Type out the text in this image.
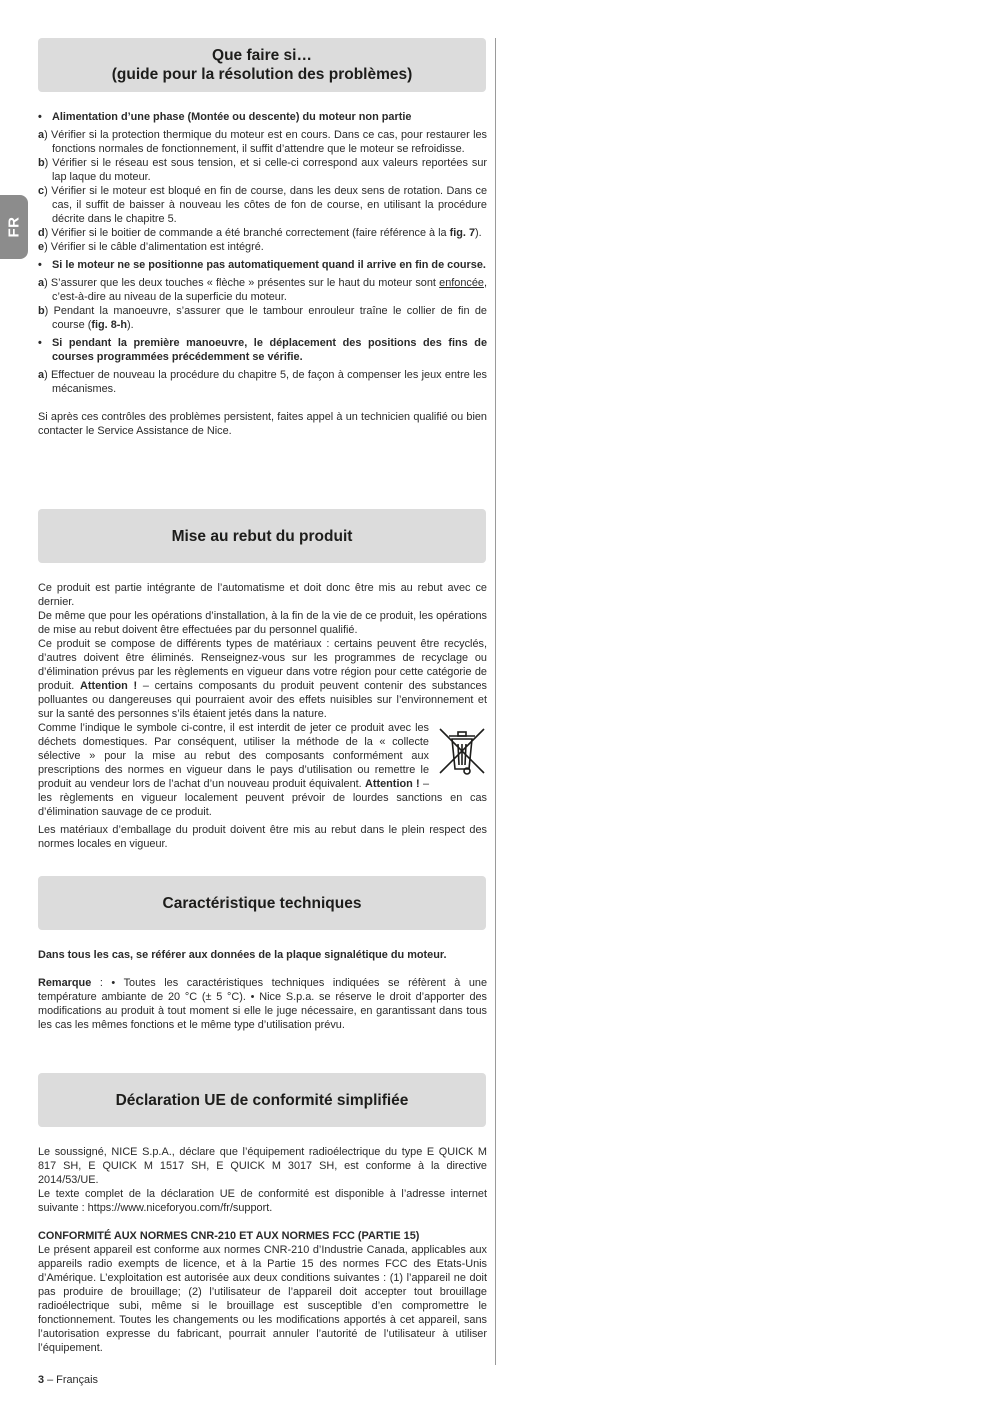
FR
Que faire si…
(guide pour la résolution des problèmes)

• Alimentation d’une phase (Montée ou descente) du moteur non partie

a) Vérifier si la protection thermique du moteur est en cours. Dans ce cas, pour restaurer les fonctions normales de fonctionnement, il suffit d’attendre que le moteur se refroidisse.

b) Vérifier si le réseau est sous tension, et si celle-ci correspond aux valeurs reportées sur lap laque du moteur.

c) Vérifier si le moteur est bloqué en fin de course, dans les deux sens de rotation. Dans ce cas, il suffit de baisser à nouveau les côtes de fon de course, en utilisant la procédure décrite dans le chapitre 5.

d) Vérifier si le boitier de commande a été branché correctement (faire référence à la fig. 7).

e) Vérifier si le câble d’alimentation est intégré.

• Si le moteur ne se positionne pas automatiquement quand il arrive en fin de course.

a) S’assurer que les deux touches « flèche » présentes sur le haut du moteur sont enfoncée, c’est-à-dire au niveau de la superficie du moteur.

b) Pendant la manoeuvre, s’assurer que le tambour enrouleur traîne le collier de fin de course (fig. 8-h).

• Si pendant la première manoeuvre, le déplacement des positions des fins de courses programmées précédemment se vérifie.

a) Effectuer de nouveau la procédure du chapitre 5, de façon à compenser les jeux entre les mécanismes.

Si après ces contrôles des problèmes persistent, faites appel à un technicien qualifié ou bien contacter le Service Assistance de Nice.

Mise au rebut du produit

Ce produit est partie intégrante de l’automatisme et doit donc être mis au rebut avec ce dernier.

De même que pour les opérations d’installation, à la fin de la vie de ce produit, les opérations de mise au rebut doivent être effectuées par du personnel qualifié.

Ce produit se compose de différents types de matériaux : certains peuvent être recyclés, d’autres doivent être éliminés. Renseignez-vous sur les programmes de recyclage ou d’élimination prévus par les règlements en vigueur dans votre région pour cette catégorie de produit. Attention ! – certains composants du produit peuvent contenir des substances polluantes ou dangereuses qui pourraient avoir des effets nuisibles sur l’environnement et sur la santé des personnes s’ils étaient jetés dans la nature.

Comme l’indique le symbole ci-contre, il est interdit de jeter ce produit avec les déchets domestiques. Par conséquent, utiliser la méthode de la « collecte sélective » pour la mise au rebut des composants conformément aux prescriptions des normes en vigueur dans le pays d’utilisation ou remettre le produit au vendeur lors de l’achat d’un nouveau produit équivalent. Attention ! – les règlements en vigueur localement peuvent prévoir de lourdes sanctions en cas d’élimination sauvage de ce produit.

Les matériaux d’emballage du produit doivent être mis au rebut dans le plein respect des normes locales en vigueur.

Caractéristique techniques

Dans tous les cas, se référer aux données de la plaque signalétique du moteur.

Remarque : • Toutes les caractéristiques techniques indiquées se réfèrent à une température ambiante de 20 °C (± 5 °C). • Nice S.p.a. se réserve le droit d’apporter des modifications au produit à tout moment si elle le juge nécessaire, en garantissant dans tous les cas les mêmes fonctions et le même type d’utilisation prévu.

Déclaration UE de conformité simplifiée

Le soussigné, NICE S.p.A., déclare que l’équipement radioélectrique du type E QUICK M 817 SH, E QUICK M 1517 SH, E QUICK M 3017 SH, est conforme à la directive 2014/53/UE.

Le texte complet de la déclaration UE de conformité est disponible à l’adresse internet suivante : https://www.niceforyou.com/fr/support.

CONFORMITÉ AUX NORMES CNR-210 ET AUX NORMES FCC (PARTIE 15)

Le présent appareil est conforme aux normes CNR-210 d’Industrie Canada, applicables aux appareils radio exempts de licence, et à la Partie 15 des normes FCC des Etats-Unis d’Amérique. L’exploitation est autorisée aux deux conditions suivantes : (1) l’appareil ne doit pas produire de brouillage; (2) l’utilisateur de l’appareil doit accepter tout brouillage radioélectrique subi, même si le brouillage est susceptible d’en compromettre le fonctionnement. Toutes les changements ou les modifications apportés à cet appareil, sans l’autorisation expresse du fabricant, pourrait annuler l’autorité de l’utilisateur à utiliser l’équipement.

3 – Français
